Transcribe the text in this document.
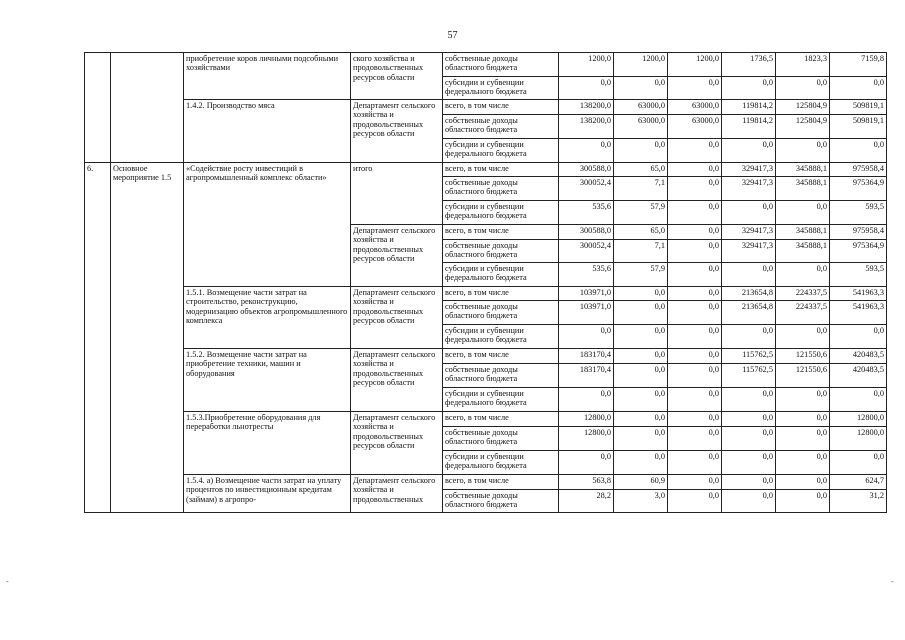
57
		приобретение коров личными подсобными хозяйствами	ского хозяйства и продовольственных ресурсов области	собственные доходы областного бюджета	1200,0	1200,0	1200,0	1736,5	1823,3	7159,8
				субсидии и субвенции федерального бюджета	0,0	0,0	0,0	0,0	0,0	0,0
		1.4.2. Производство мяса	Департамент сельского хозяйства и продовольственных ресурсов области	всего, в том числе	138200,0	63000,0	63000,0	119814,2	125804,9	509819,1
				собственные доходы областного бюджета	138200,0	63000,0	63000,0	119814,2	125804,9	509819,1
				субсидии и субвенции федерального бюджета	0,0	0,0	0,0	0,0	0,0	0,0
6.	Основное мероприятие 1.5	«Содействие росту инвестиций в агропромышленный комплекс области»	итого	всего, в том числе	300588,0	65,0	0,0	329417,3	345888,1	975958,4
				собственные доходы областного бюджета	300052,4	7,1	0,0	329417,3	345888,1	975364,9
				субсидии и субвенции федерального бюджета	535,6	57,9	0,0	0,0	0,0	593,5
			Департамент сельского хозяйства и продовольственных ресурсов области	всего, в том числе	300588,0	65,0	0,0	329417,3	345888,1	975958,4
				собственные доходы областного бюджета	300052,4	7,1	0,0	329417,3	345888,1	975364,9
				субсидии и субвенции федерального бюджета	535,6	57,9	0,0	0,0	0,0	593,5
		1.5.1. Возмещение части затрат на строительство, реконструкцию, модернизацию объектов агропромышленного комплекса	Департамент сельского хозяйства и продовольственных ресурсов области	всего, в том числе	103971,0	0,0	0,0	213654,8	224337,5	541963,3
				собственные доходы областного бюджета	103971,0	0,0	0,0	213654,8	224337,5	541963,3
				субсидии и субвенции федерального бюджета	0,0	0,0	0,0	0,0	0,0	0,0
		1.5.2. Возмещение части затрат на приобретение техники, машин и оборудования	Департамент сельского хозяйства и продовольственных ресурсов области	всего, в том числе	183170,4	0,0	0,0	115762,5	121550,6	420483,5
				собственные доходы областного бюджета	183170,4	0,0	0,0	115762,5	121550,6	420483,5
				субсидии и субвенции федерального бюджета	0,0	0,0	0,0	0,0	0,0	0,0
		1.5.3.Приобретение оборудования для переработки льнотресты	Департамент сельского хозяйства и продовольственных ресурсов области	всего, в том числе	12800,0	0,0	0,0	0,0	0,0	12800,0
				собственные доходы областного бюджета	12800,0	0,0	0,0	0,0	0,0	12800,0
				субсидии и субвенции федерального бюджета	0,0	0,0	0,0	0,0	0,0	0,0
		1.5.4. а) Возмещение части затрат на уплату процентов по инвестиционным кредитам (займам) в агропро-	Департамент сельского хозяйства и продовольственных	всего, в том числе	563,8	60,9	0,0	0,0	0,0	624,7
				собственные доходы областного бюджета	28,2	3,0	0,0	0,0	0,0	31,2
-	-
